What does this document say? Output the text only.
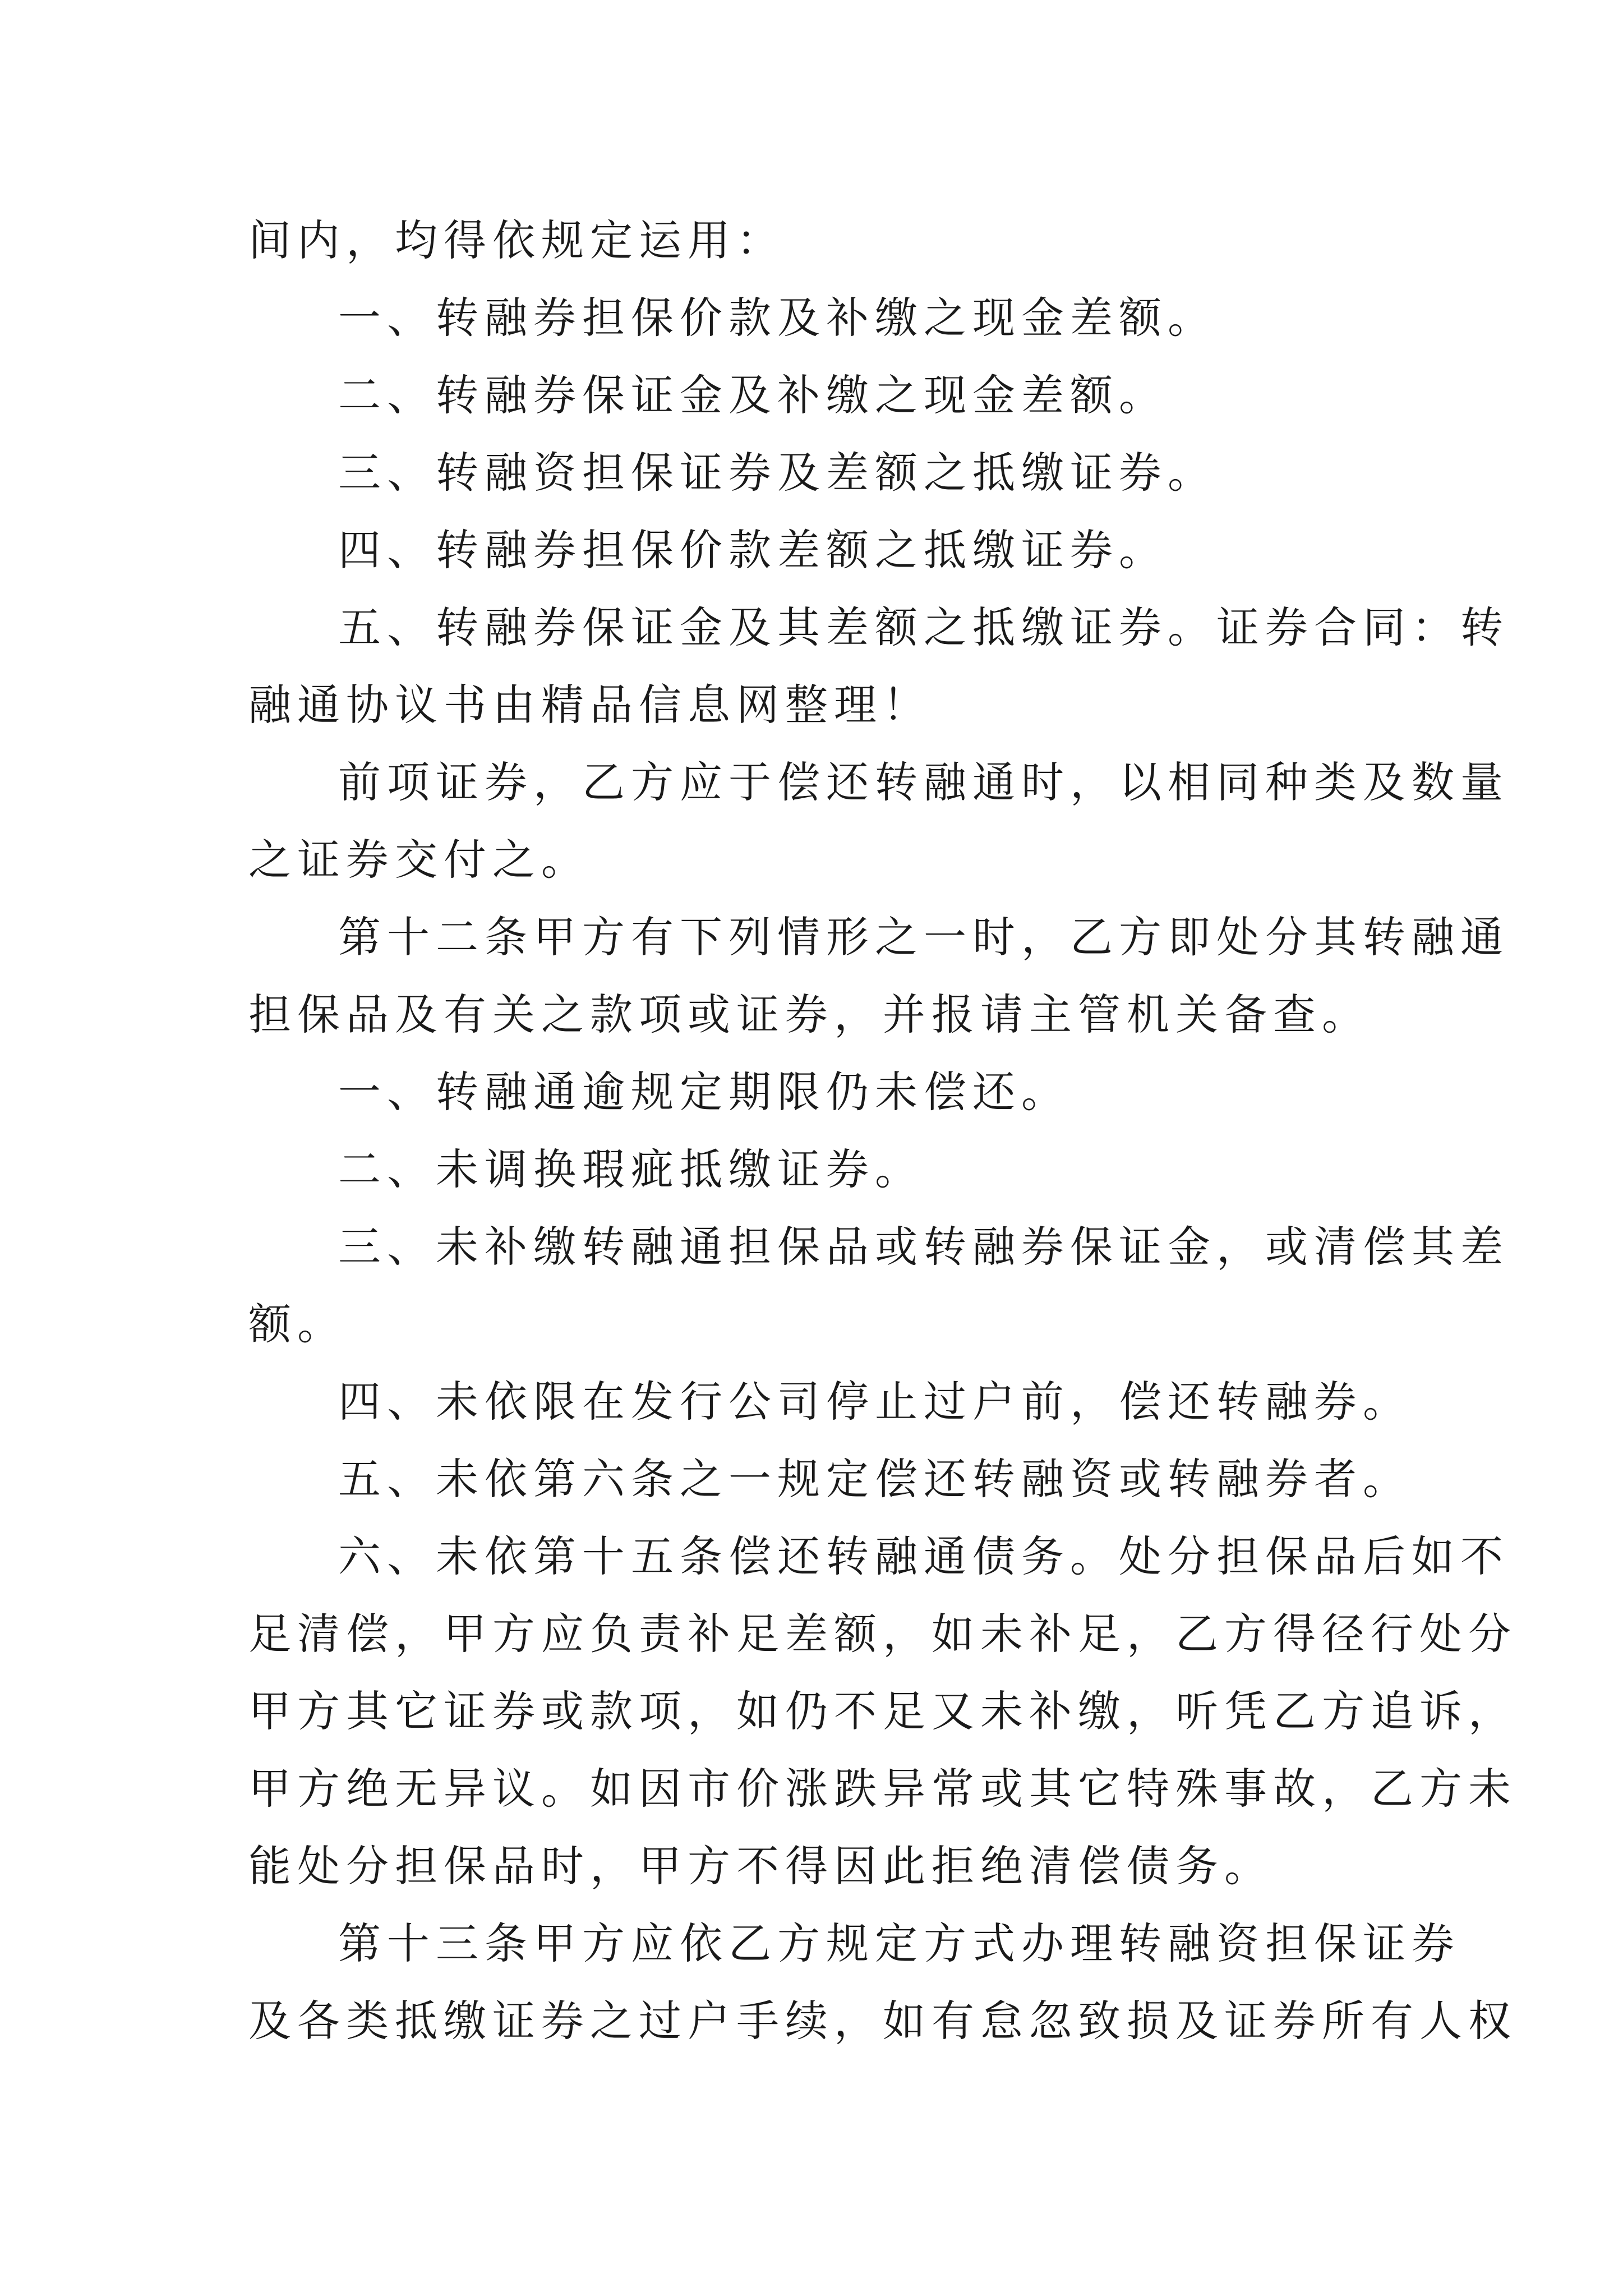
间内，均得依规定运用：
一、转融券担保价款及补缴之现金差额。
二、转融券保证金及补缴之现金差额。
三、转融资担保证券及差额之抵缴证券。
四、转融券担保价款差额之抵缴证券。
五、转融券保证金及其差额之抵缴证券。证券合同：转
融通协议书由精品信息网整理！
前项证券，乙方应于偿还转融通时，以相同种类及数量
之证券交付之。
第十二条甲方有下列情形之一时，乙方即处分其转融通
担保品及有关之款项或证券，并报请主管机关备查。
一、转融通逾规定期限仍未偿还。
二、未调换瑕疵抵缴证券。
三、未补缴转融通担保品或转融券保证金，或清偿其差
额。
四、未依限在发行公司停止过户前，偿还转融券。
五、未依第六条之一规定偿还转融资或转融券者。
六、未依第十五条偿还转融通债务。处分担保品后如不
足清偿，甲方应负责补足差额，如未补足，乙方得径行处分
甲方其它证券或款项，如仍不足又未补缴，听凭乙方追诉，
甲方绝无异议。如因市价涨跌异常或其它特殊事故，乙方未
能处分担保品时，甲方不得因此拒绝清偿债务。
第十三条甲方应依乙方规定方式办理转融资担保证券
及各类抵缴证券之过户手续，如有怠忽致损及证券所有人权
